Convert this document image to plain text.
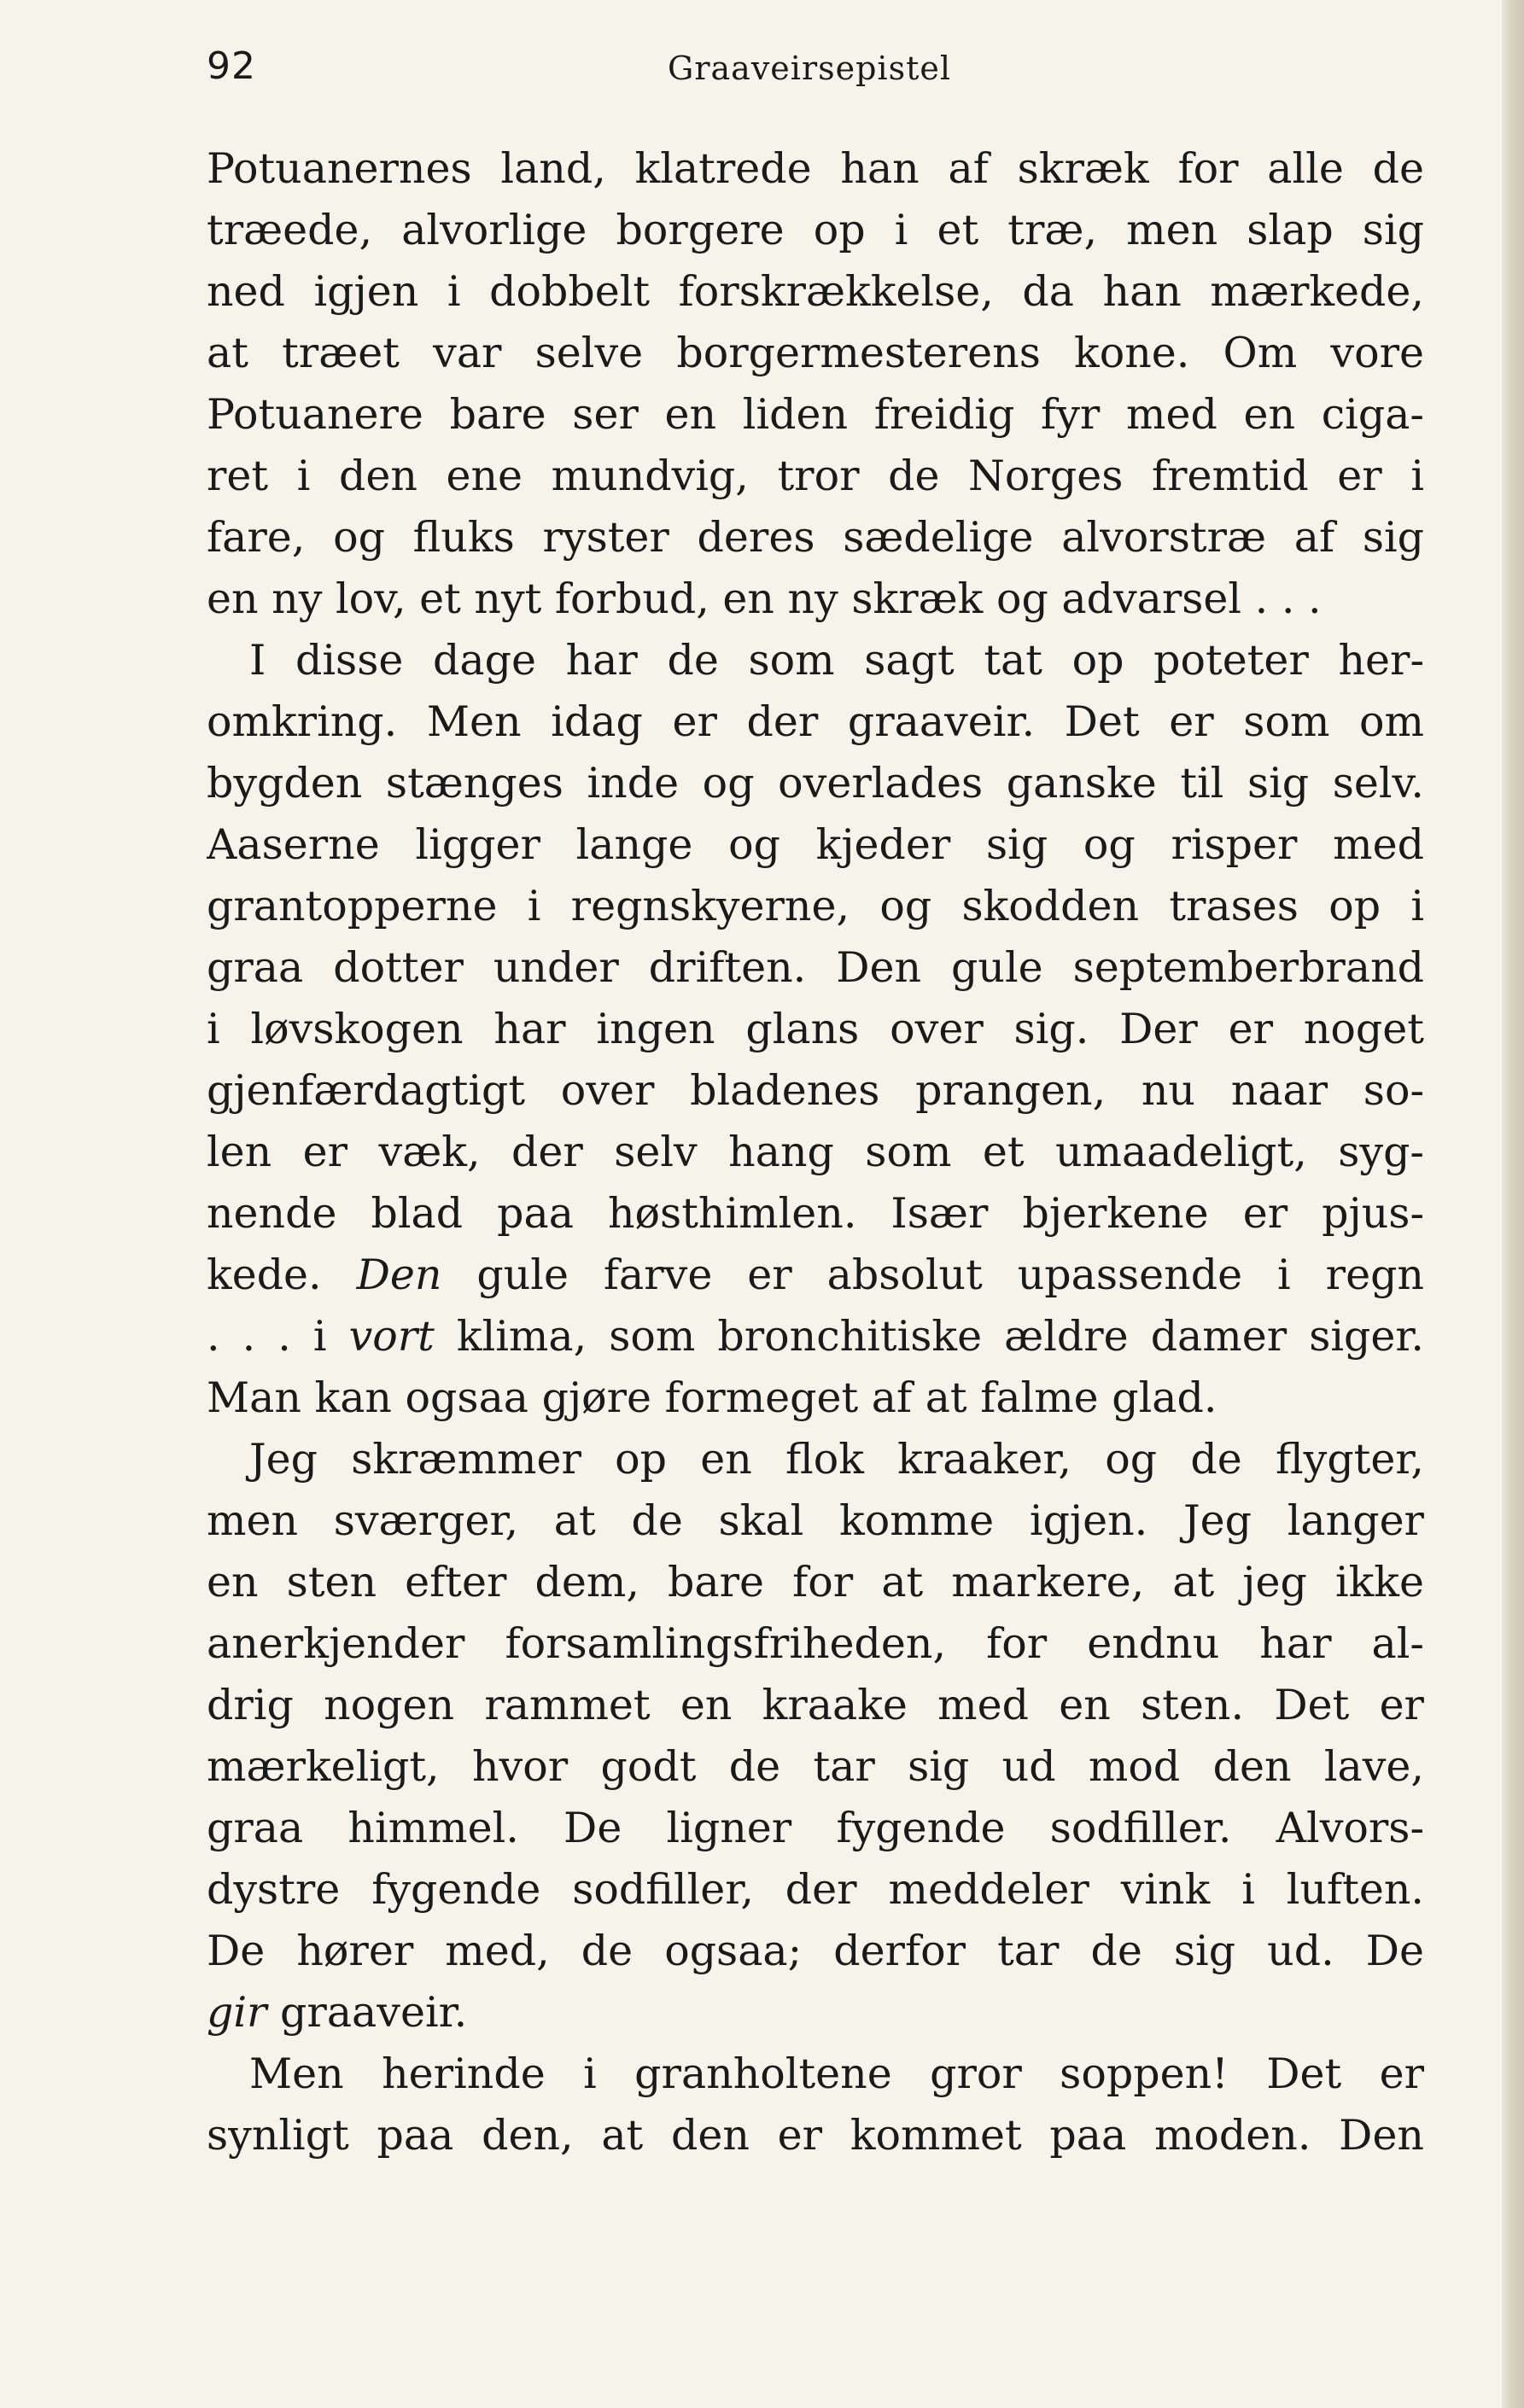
92	Graaveirsepistel
Potuanernes land, klatrede han af skræk for alle de
træede, alvorlige borgere op i et træ, men slap sig
ned igjen i dobbelt forskrækkelse, da han mærkede,
at træet var selve borgermesterens kone. Om vore
Potuanere bare ser en liden freidig fyr med en ciga-
ret i den ene mundvig, tror de Norges fremtid er i
fare, og fluks ryster deres sædelige alvorstræ af sig
en ny lov, et nyt forbud, en ny skræk og advarsel . . .
I disse dage har de som sagt tat op poteter her-
omkring. Men idag er der graaveir. Det er som om
bygden stænges inde og overlades ganske til sig selv.
Aaserne ligger lange og kjeder sig og risper med
grantopperne i regnskyerne, og skodden trases op i
graa dotter under driften. Den gule septemberbrand
i løvskogen har ingen glans over sig. Der er noget
gjenfærdagtigt over bladenes prangen, nu naar so-
len er væk, der selv hang som et umaadeligt, syg-
nende blad paa høsthimlen. Især bjerkene er pjus-
kede. Den gule farve er absolut upassende i regn
. . . i vort klima, som bronchitiske ældre damer siger.
Man kan ogsaa gjøre formeget af at falme glad.
Jeg skræmmer op en flok kraaker, og de flygter,
men sværger, at de skal komme igjen. Jeg langer
en sten efter dem, bare for at markere, at jeg ikke
anerkjender forsamlingsfriheden, for endnu har al-
drig nogen rammet en kraake med en sten. Det er
mærkeligt, hvor godt de tar sig ud mod den lave,
graa himmel. De ligner fygende sodfiller. Alvors-
dystre fygende sodfiller, der meddeler vink i luften.
De hører med, de ogsaa; derfor tar de sig ud. De
gir graaveir.
Men herinde i granholtene gror soppen! Det er
synligt paa den, at den er kommet paa moden. Den
